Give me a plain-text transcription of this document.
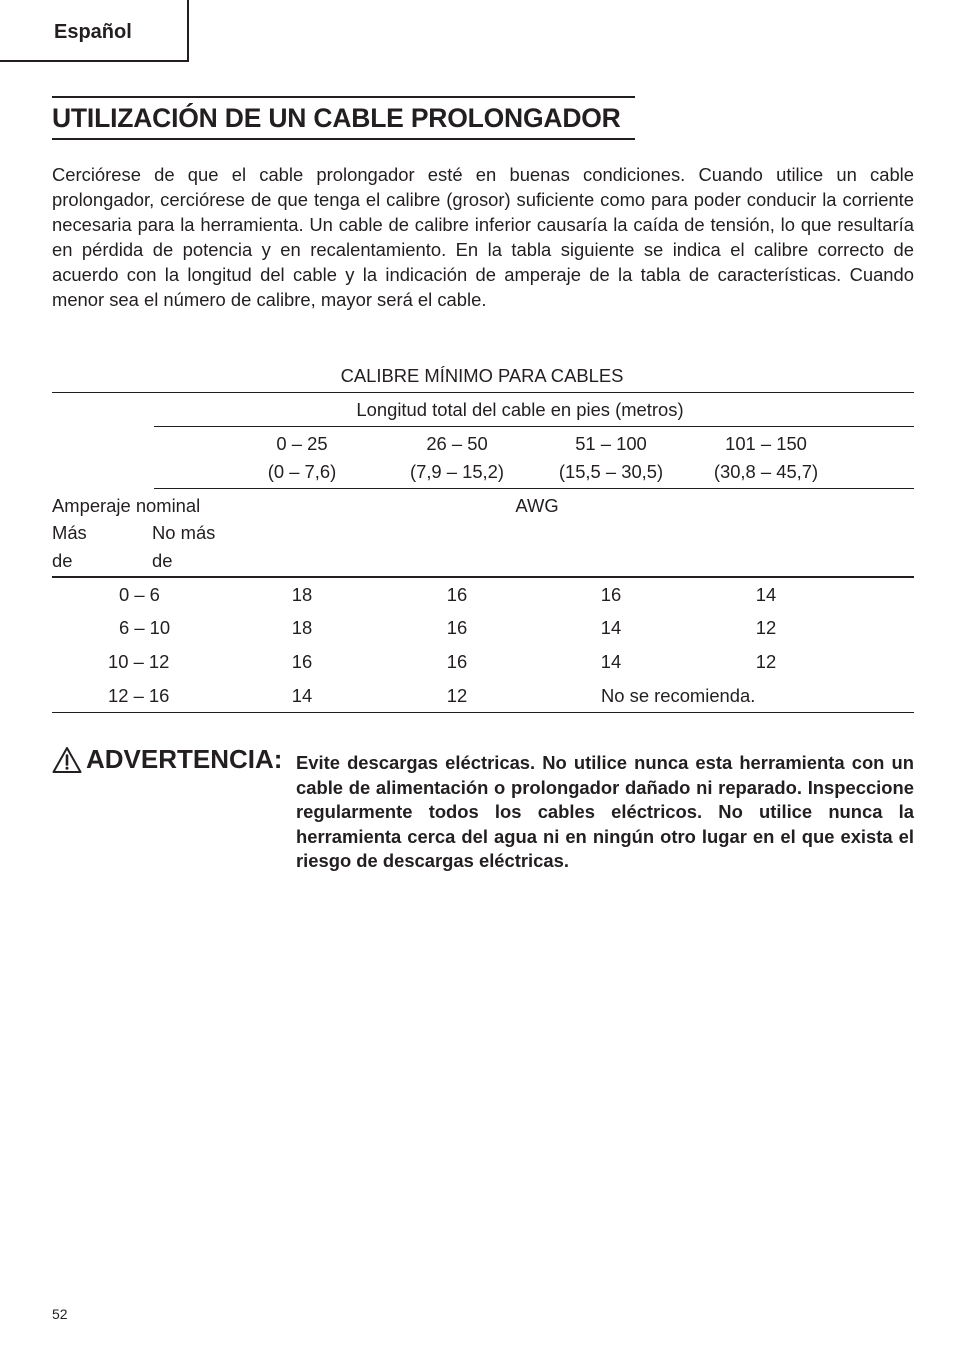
Español
UTILIZACIÓN DE UN CABLE PROLONGADOR

Cerciórese de que el cable prolongador esté en buenas condiciones. Cuando utilice un cable prolongador, cerciórese de que tenga el calibre (grosor) suficiente como para poder conducir la corriente necesaria para la herramienta. Un cable de calibre inferior causaría la caída de tensión, lo que resultaría en pérdida de potencia y en recalentamiento. En la tabla siguiente se indica el calibre correcto de acuerdo con la longitud del cable y la indicación de amperaje de la tabla de características. Cuando menor sea el número de calibre, mayor será el cable.

CALIBRE MÍNIMO PARA CABLES
Longitud total del cable en pies (metros)
0 – 25	26 – 50	51 – 100	101 – 150
(0 – 7,6)	(7,9 – 15,2)	(15,5 – 30,5)	(30,8 – 45,7)
Amperaje nominal	AWG
Más
de
No más
de
0 – 6	18	16	16	14
6 – 10	18	16	14	12
10 – 12	16	16	14	12
12 – 16	14	12	No se recomienda.
ADVERTENCIA: Evite descargas eléctricas. No utilice nunca esta herramienta con un cable de alimentación o prolongador dañado ni reparado. Inspeccione regularmente todos los cables eléctricos. No utilice nunca la herramienta cerca del agua ni en ningún otro lugar en el que exista el riesgo de descargas eléctricas.

52
